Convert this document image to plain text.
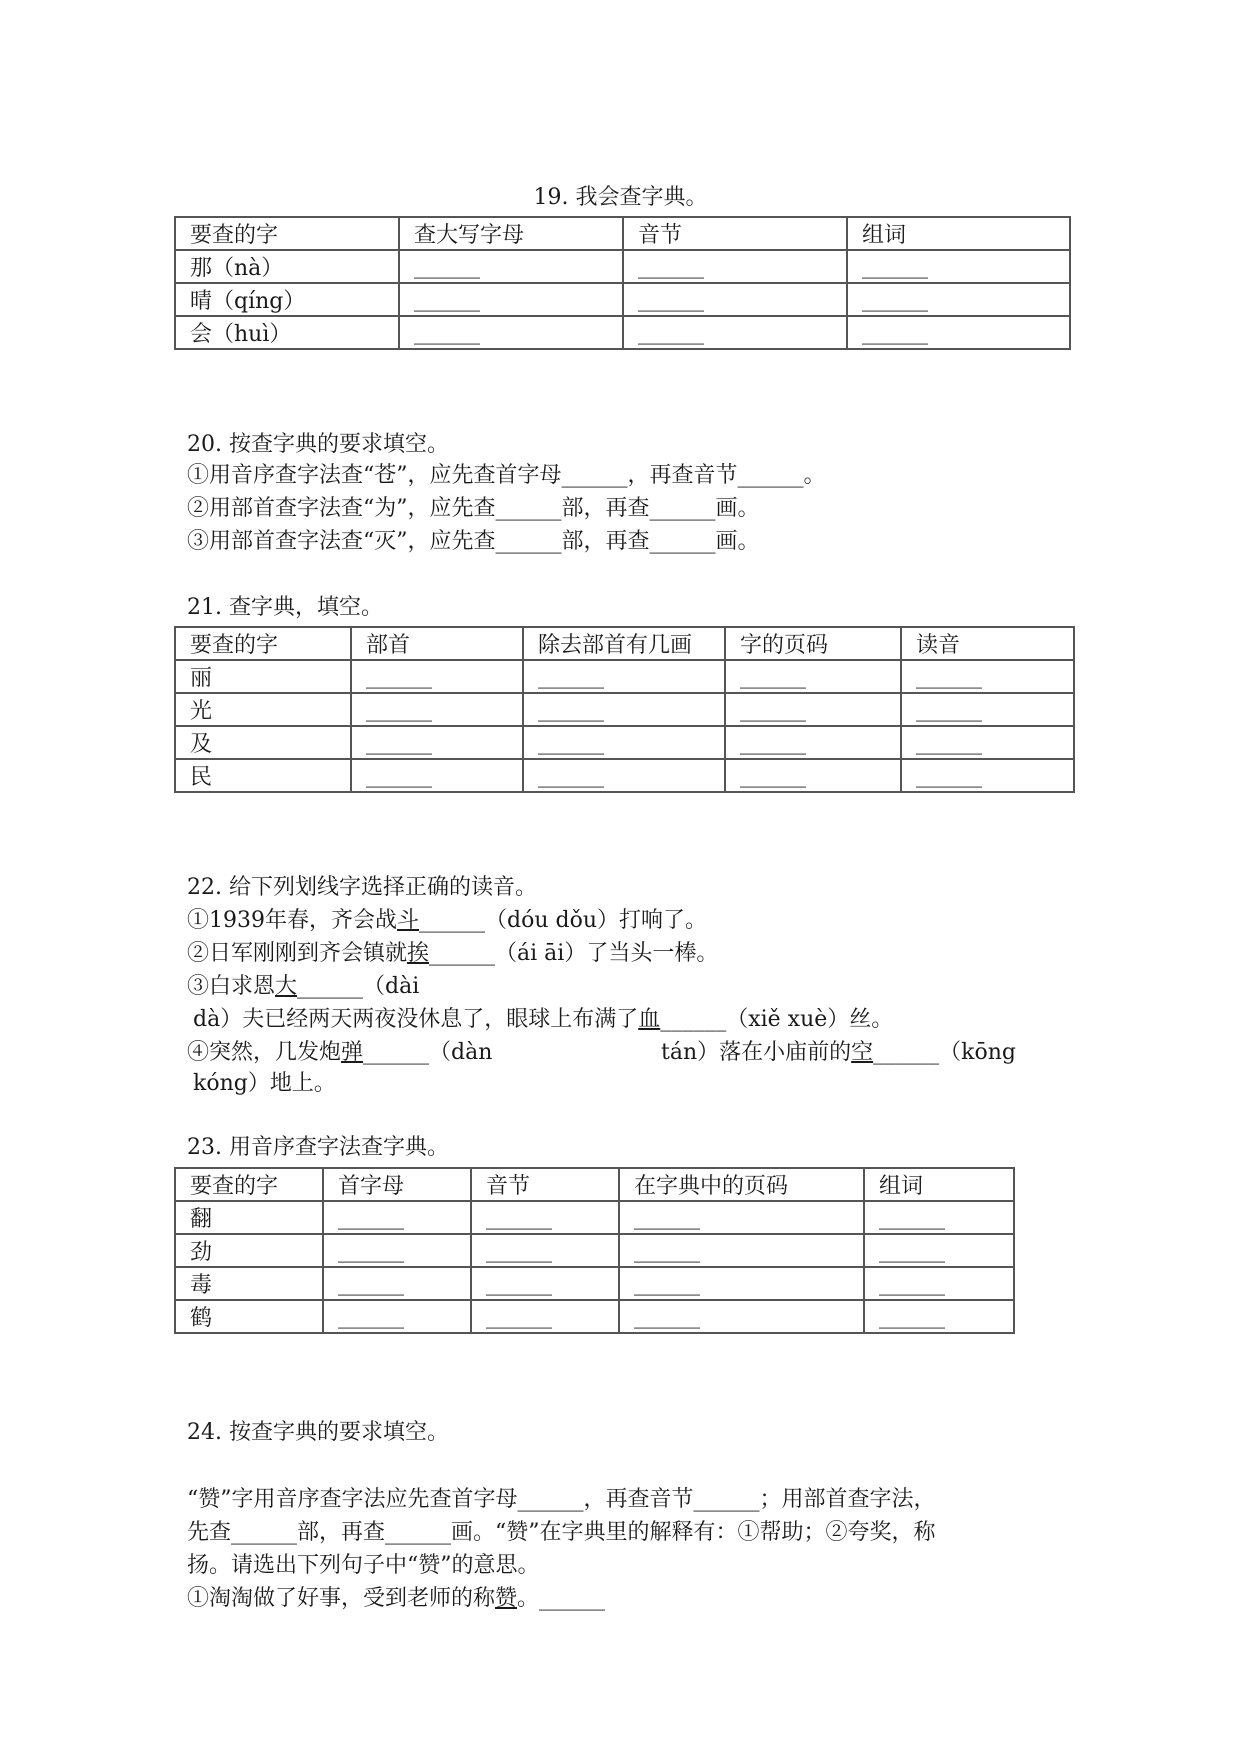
19. 我会查字典。
要查的字	查大写字母	音节	组词
那（nà）	______	______	______
晴（qíng）	______	______	______
会（huì）	______	______	______
20. 按查字典的要求填空。
①用音序查字法查“苍”，应先查首字母______，再查音节______。
②用部首查字法查“为”，应先查______部，再查______画。
③用部首查字法查“灭”，应先查______部，再查______画。
21. 查字典，填空。
要查的字	部首	除去部首有几画	字的页码	读音
丽	______	______	______	______
光	______	______	______	______
及	______	______	______	______
民	______	______	______	______
22. 给下列划线字选择正确的读音。
①1939年春，齐会战斗______（dóu dǒu）打响了。
②日军刚刚到齐会镇就挨______（ái āi）了当头一棒。
③白求恩大______（dài
dà）夫已经两天两夜没休息了，眼球上布满了血______（xiě xuè）丝。
④突然，几发炮弹______（dàn	tán）落在小庙前的空______（kōng
kóng）地上。
23. 用音序查字法查字典。
要查的字	首字母	音节	在字典中的页码	组词
翻	______	______	______	______
劲	______	______	______	______
毒	______	______	______	______
鹤	______	______	______	______
24. 按查字典的要求填空。
“赞”字用音序查字法应先查首字母______，再查音节______；用部首查字法，
先查______部，再查______画。“赞”在字典里的解释有：①帮助；②夸奖，称
扬。请选出下列句子中“赞”的意思。
①淘淘做了好事，受到老师的称赞。______
